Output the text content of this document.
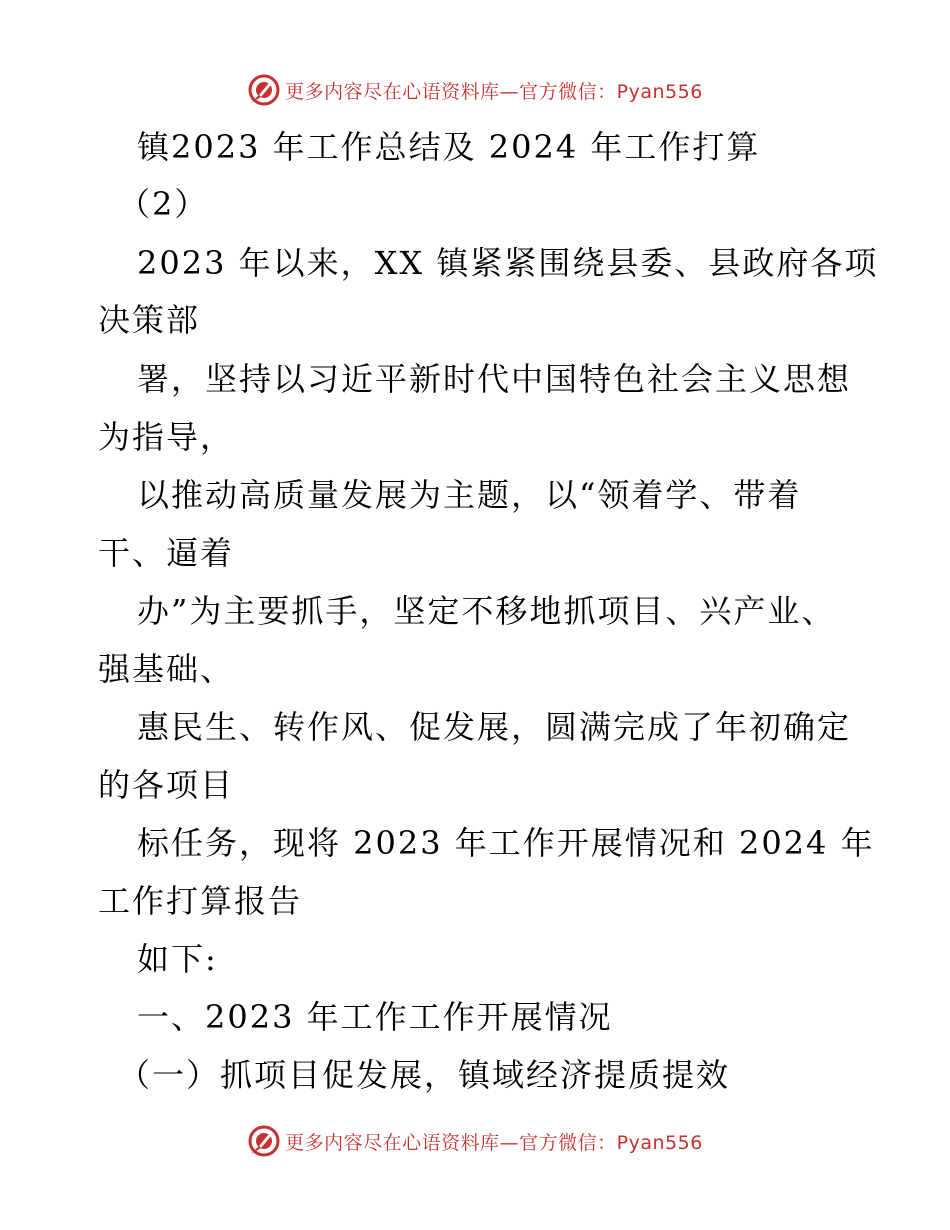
更多内容尽在心语资料库—官方微信：Pyan556
镇2023 年工作总结及 2024 年工作打算
（2）
2023 年以来，XX 镇紧紧围绕县委、县政府各项
决策部
署，坚持以习近平新时代中国特色社会主义思想
为指导，
以推动高质量发展为主题，以“领着学、带着
干、逼着
办”为主要抓手，坚定不移地抓项目、兴产业、
强基础、
惠民生、转作风、促发展，圆满完成了年初确定
的各项目
标任务，现将 2023 年工作开展情况和 2024 年
工作打算报告
如下:
一、2023 年工作工作开展情况
（一）抓项目促发展，镇域经济提质提效
更多内容尽在心语资料库—官方微信：Pyan556
